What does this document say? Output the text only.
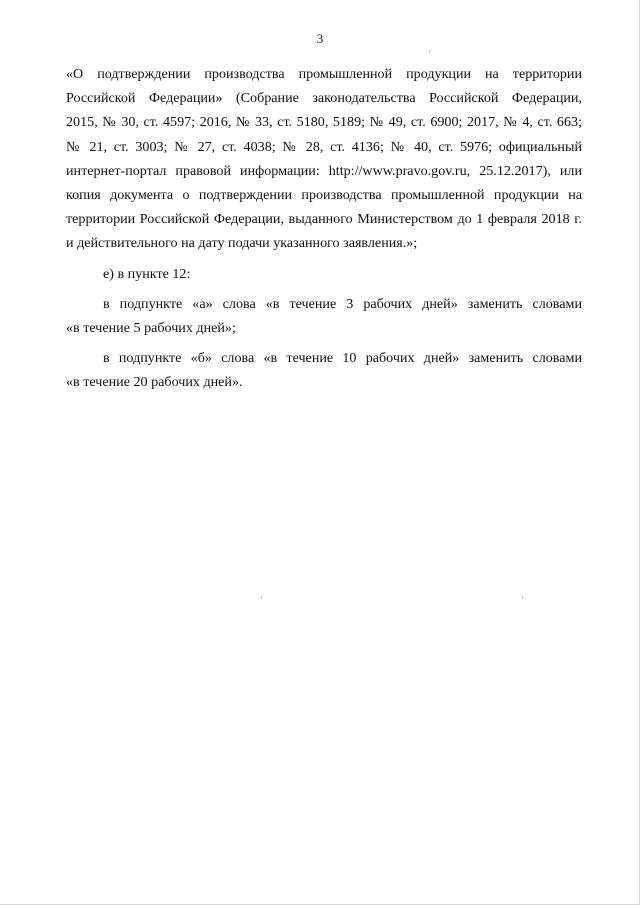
3
«О подтверждении производства промышленной продукции на территории
Российской Федерации» (Собрание законодательства Российской Федерации,
2015, № 30, ст. 4597; 2016, № 33, ст. 5180, 5189; № 49, ст. 6900; 2017, № 4, ст. 663;
№ 21, ст. 3003; № 27, ст. 4038; № 28, ст. 4136; № 40, ст. 5976; официальный
интернет-портал правовой информации: http://www.pravo.gov.ru, 25.12.2017), или
копия документа о подтверждении производства промышленной продукции на
территории Российской Федерации, выданного Министерством до 1 февраля 2018 г.
и действительного на дату подачи указанного заявления.»;
е) в пункте 12:
в подпункте «а» слова «в течение 3 рабочих дней» заменить словами
«в течение 5 рабочих дней»;
в подпункте «б» слова «в течение 10 рабочих дней» заменить словами
«в течение 20 рабочих дней».
